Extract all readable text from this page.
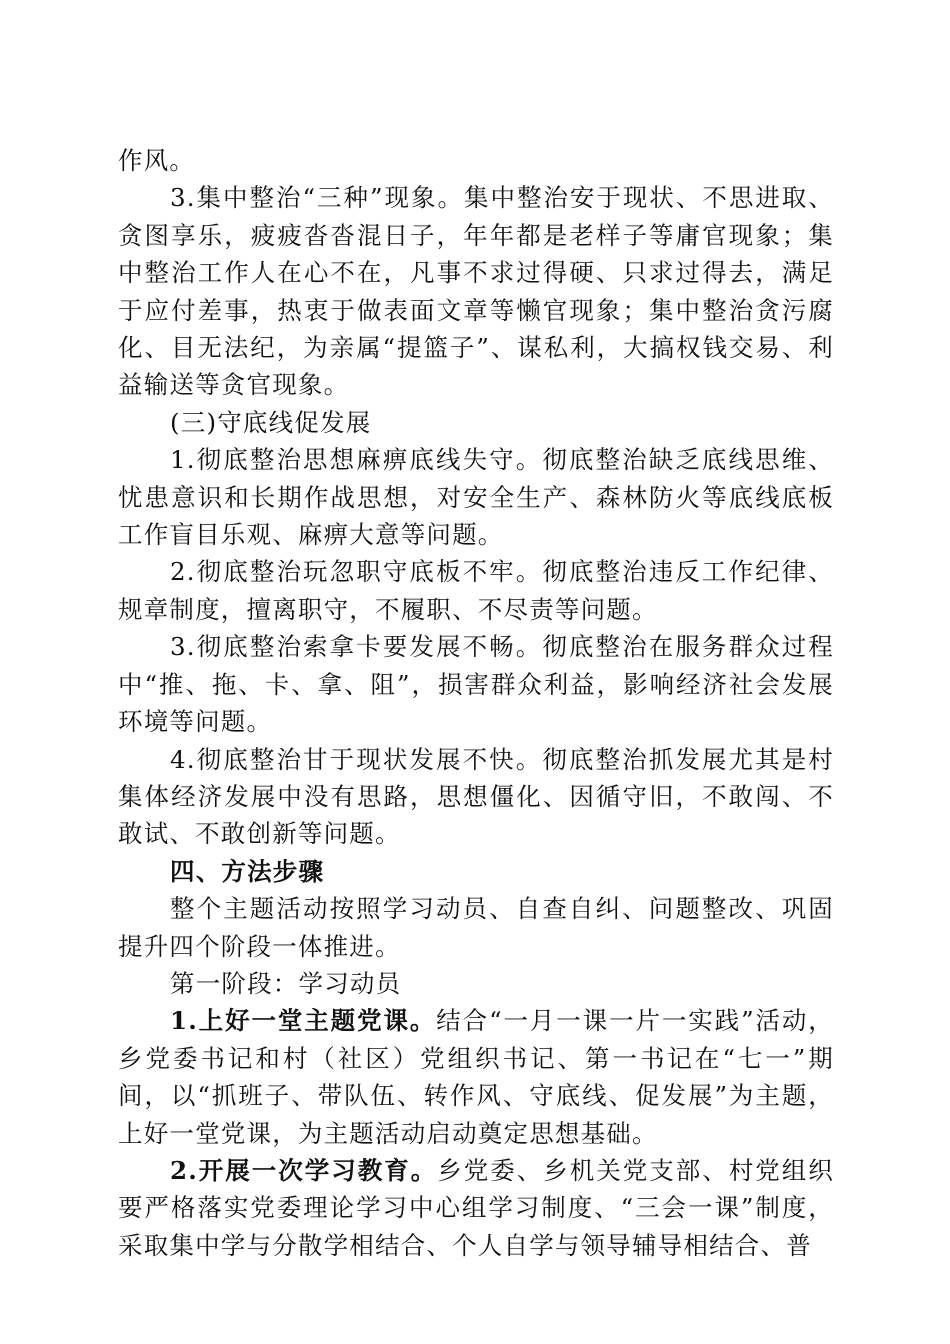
作风。

3.集中整治“三种”现象。集中整治安于现状、不思进取、贪图享乐，疲疲沓沓混日子，年年都是老样子等庸官现象；集中整治工作人在心不在，凡事不求过得硬、只求过得去，满足于应付差事，热衷于做表面文章等懒官现象；集中整治贪污腐化、目无法纪，为亲属“提篮子”、谋私利，大搞权钱交易、利益输送等贪官现象。

(三)守底线促发展

1.彻底整治思想麻痹底线失守。彻底整治缺乏底线思维、忧患意识和长期作战思想，对安全生产、森林防火等底线底板工作盲目乐观、麻痹大意等问题。

2.彻底整治玩忽职守底板不牢。彻底整治违反工作纪律、规章制度，擅离职守，不履职、不尽责等问题。

3.彻底整治索拿卡要发展不畅。彻底整治在服务群众过程中“推、拖、卡、拿、阻”，损害群众利益，影响经济社会发展环境等问题。

4.彻底整治甘于现状发展不快。彻底整治抓发展尤其是村集体经济发展中没有思路，思想僵化、因循守旧，不敢闯、不敢试、不敢创新等问题。

四、方法步骤

整个主题活动按照学习动员、自查自纠、问题整改、巩固提升四个阶段一体推进。

第一阶段：学习动员

1.上好一堂主题党课。结合“一月一课一片一实践”活动，乡党委书记和村（社区）党组织书记、第一书记在“七一”期间，以“抓班子、带队伍、转作风、守底线、促发展”为主题，上好一堂党课，为主题活动启动奠定思想基础。

2.开展一次学习教育。乡党委、乡机关党支部、村党组织要严格落实党委理论学习中心组学习制度、“三会一课”制度，采取集中学与分散学相结合、个人自学与领导辅导相结合、普
